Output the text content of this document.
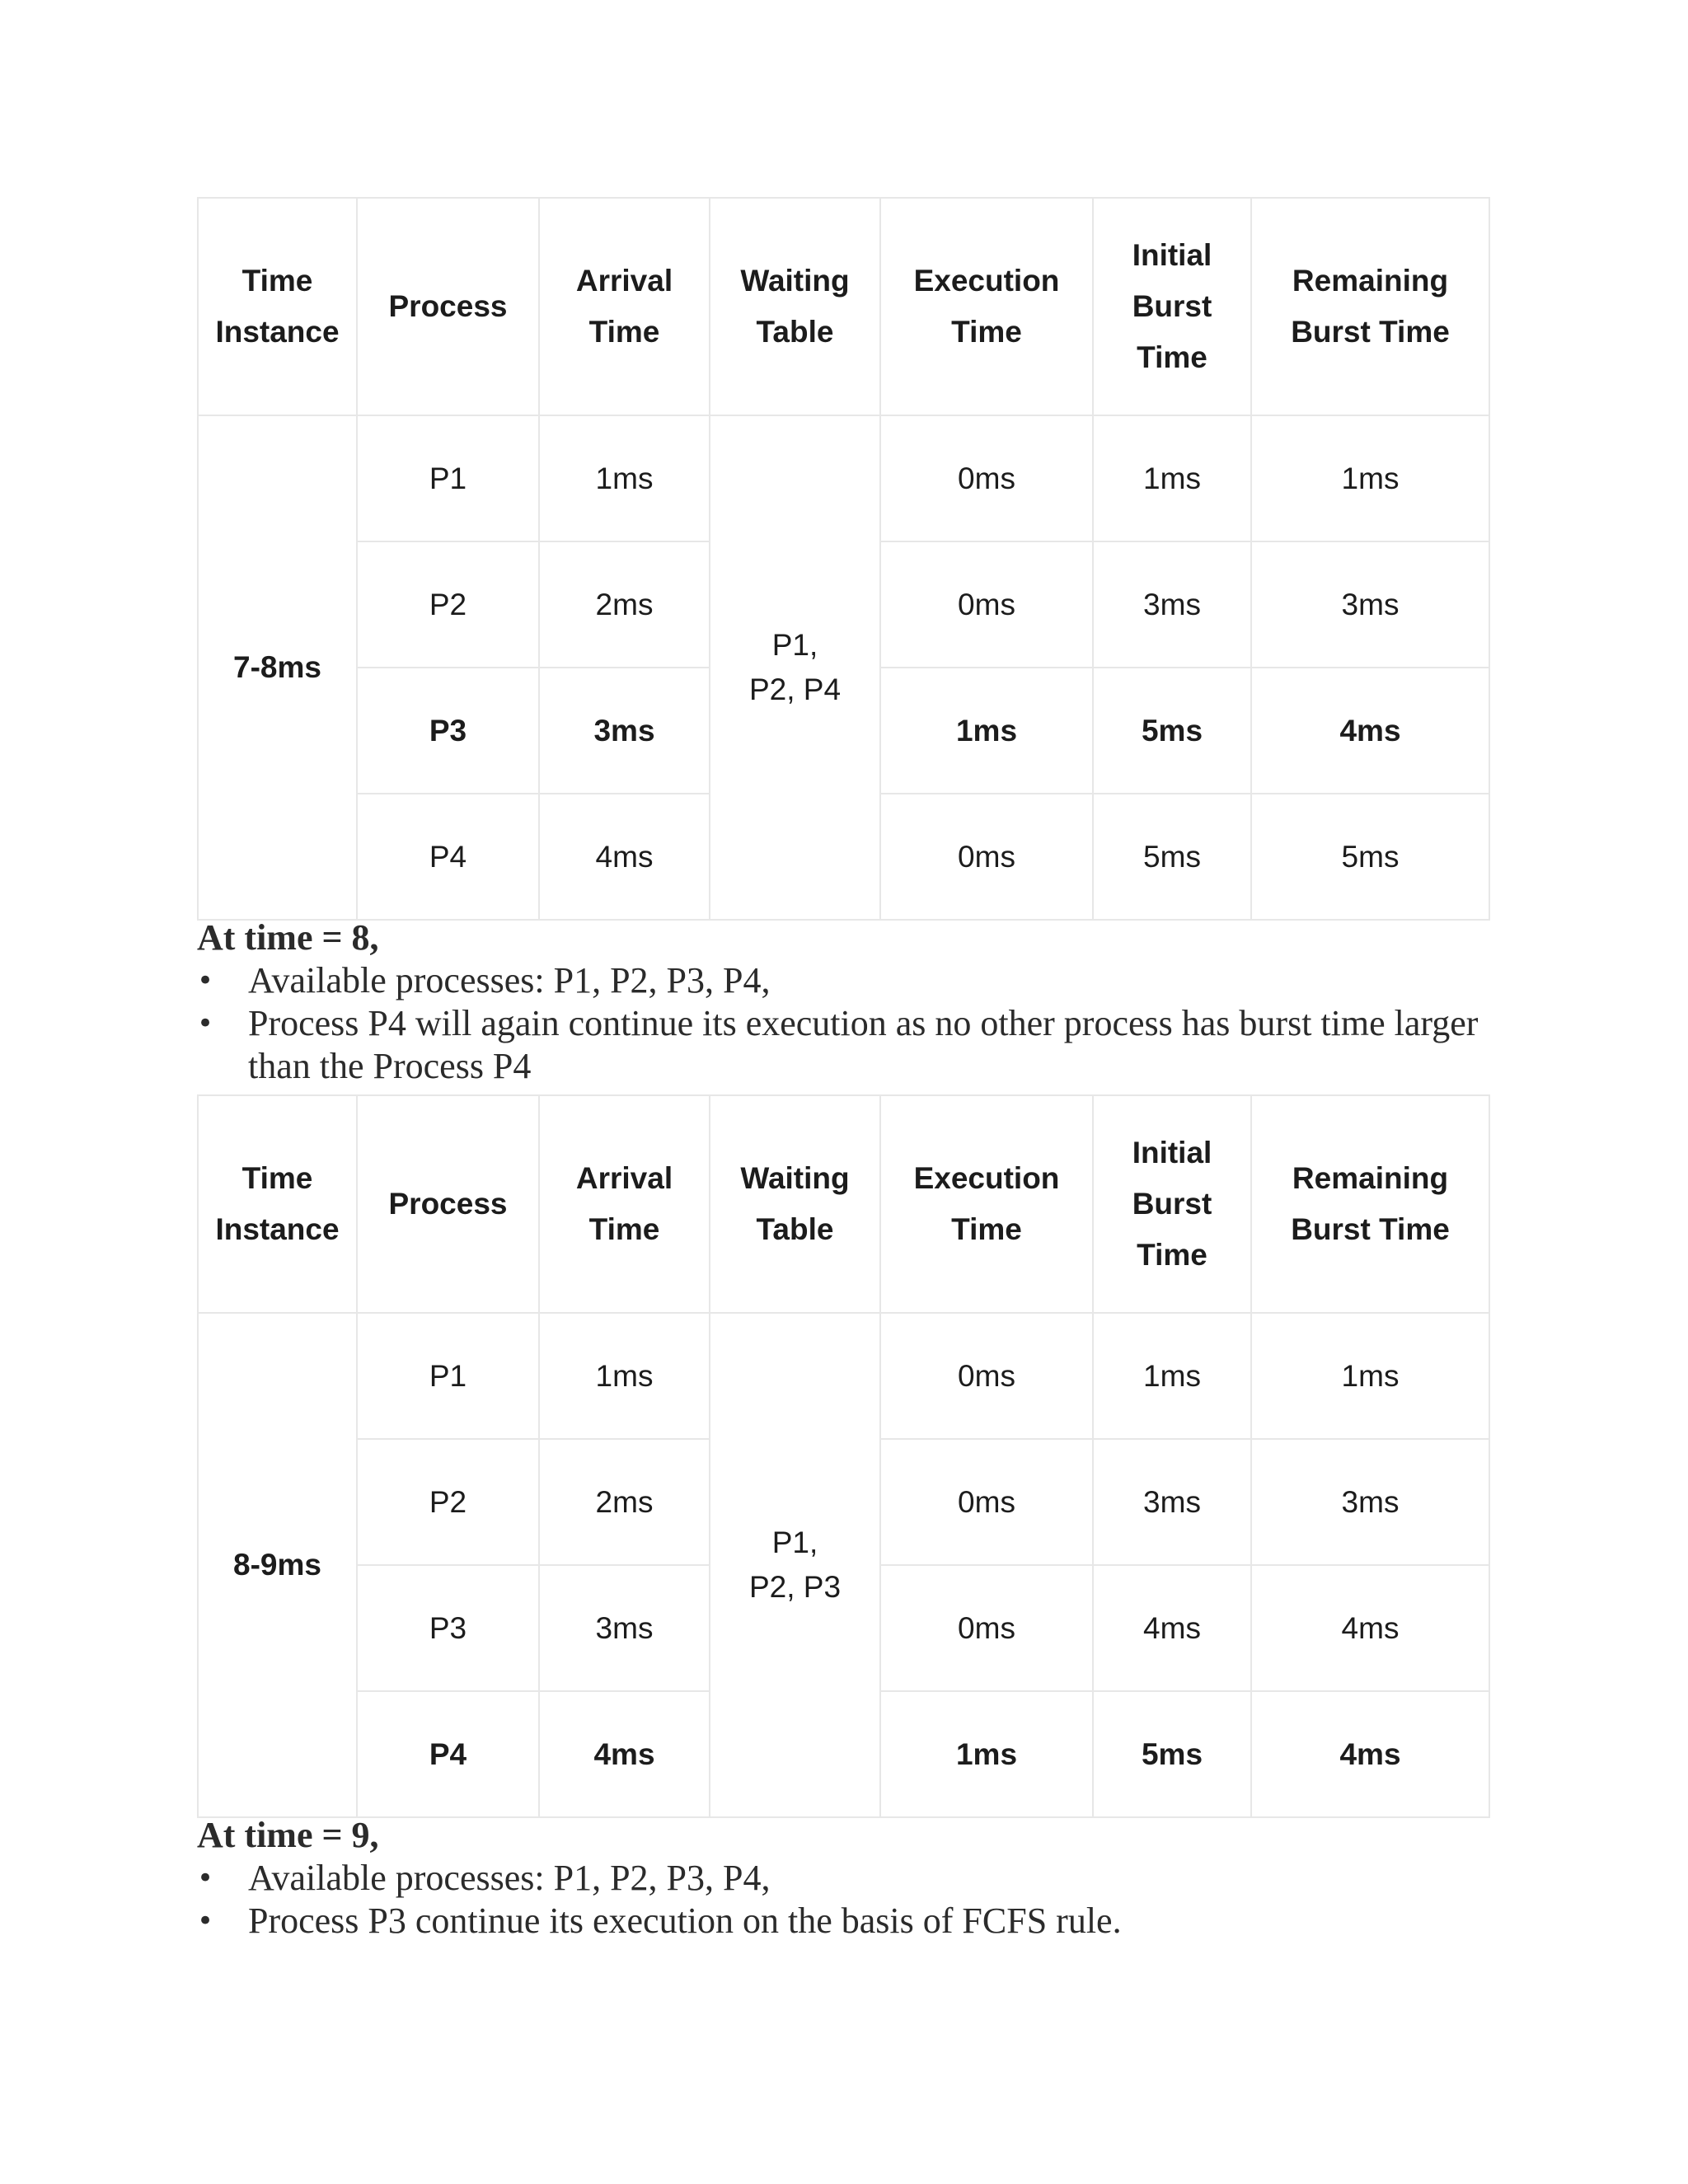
Time Instance	Process	Arrival Time	Waiting Table	Execution Time	Initial Burst Time	Remaining Burst Time
7-8ms	P1	1ms	P1, P2, P4	0ms	1ms	1ms
	P2	2ms		0ms	3ms	3ms
	P3	3ms		1ms	5ms	4ms
	P4	4ms		0ms	5ms	5ms
At time = 8,
• Available processes: P1, P2, P3, P4,
• Process P4 will again continue its execution as no other process has burst time larger than the Process P4
Time Instance	Process	Arrival Time	Waiting Table	Execution Time	Initial Burst Time	Remaining Burst Time
8-9ms	P1	1ms	P1, P2, P3	0ms	1ms	1ms
	P2	2ms		0ms	3ms	3ms
	P3	3ms		0ms	4ms	4ms
	P4	4ms		1ms	5ms	4ms
At time = 9,
• Available processes: P1, P2, P3, P4,
• Process P3 continue its execution on the basis of FCFS rule.
